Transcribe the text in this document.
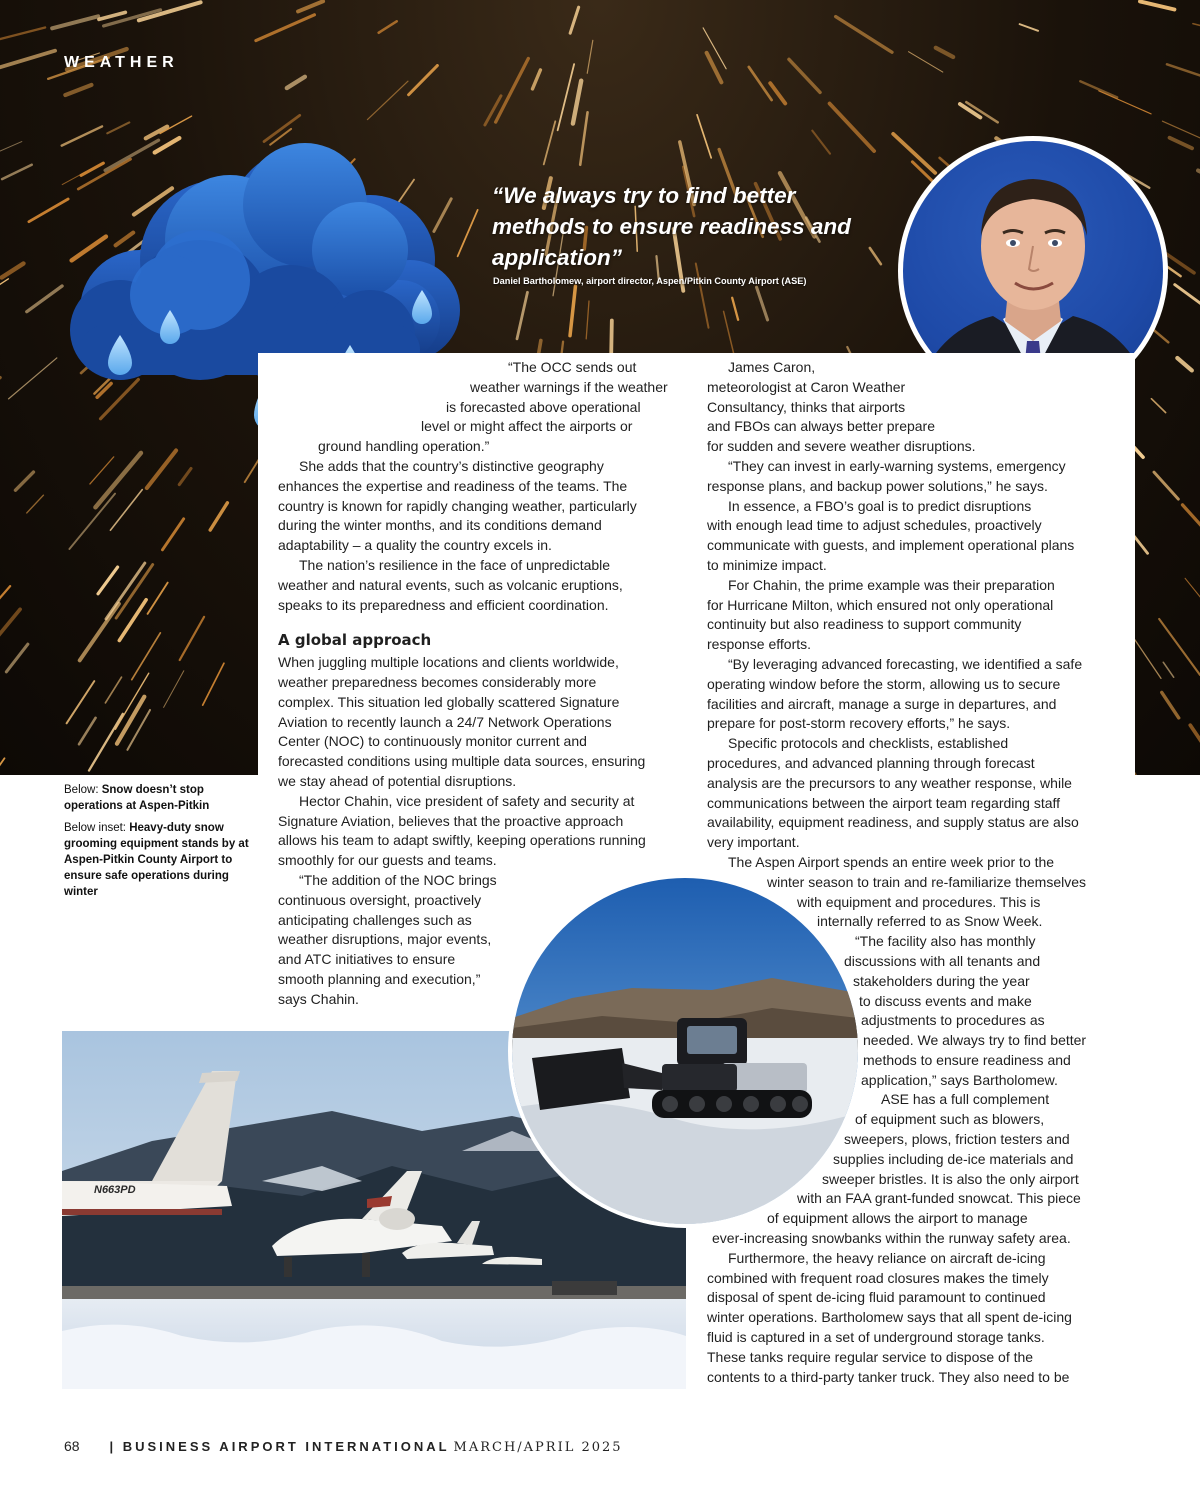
WEATHER
“We always try to find better methods to ensure readiness and application”
Daniel Bartholomew, airport director, Aspen/Pitkin County Airport (ASE)

“The OCC sends out

weather warnings if the weather

is forecasted above operational

level or might affect the airports or

ground handling operation.”

She adds that the country’s distinctive geography

enhances the expertise and readiness of the teams. The

country is known for rapidly changing weather, particularly

during the winter months, and its conditions demand

adaptability – a quality the country excels in.

The nation’s resilience in the face of unpredictable

weather and natural events, such as volcanic eruptions,

speaks to its preparedness and efficient coordination.

A global approach

When juggling multiple locations and clients worldwide,

weather preparedness becomes considerably more

complex. This situation led globally scattered Signature

Aviation to recently launch a 24/7 Network Operations

Center (NOC) to continuously monitor current and

forecasted conditions using multiple data sources, ensuring

we stay ahead of potential disruptions.

Hector Chahin, vice president of safety and security at

Signature Aviation, believes that the proactive approach

allows his team to adapt swiftly, keeping operations running

smoothly for our guests and teams.

“The addition of the NOC brings

continuous oversight, proactively

anticipating challenges such as

weather disruptions, major events,

and ATC initiatives to ensure

smooth planning and execution,”

says Chahin.

James Caron,

meteorologist at Caron Weather

Consultancy, thinks that airports

and FBOs can always better prepare

for sudden and severe weather disruptions.

“They can invest in early-warning systems, emergency

response plans, and backup power solutions,” he says.

In essence, a FBO’s goal is to predict disruptions

with enough lead time to adjust schedules, proactively

communicate with guests, and implement operational plans

to minimize impact.

For Chahin, the prime example was their preparation

for Hurricane Milton, which ensured not only operational

continuity but also readiness to support community

response efforts.

“By leveraging advanced forecasting, we identified a safe

operating window before the storm, allowing us to secure

facilities and aircraft, manage a surge in departures, and

prepare for post-storm recovery efforts,” he says.

Specific protocols and checklists, established

procedures, and advanced planning through forecast

analysis are the precursors to any weather response, while

communications between the airport team regarding staff

availability, equipment readiness, and supply status are also

very important.

The Aspen Airport spends an entire week prior to the

winter season to train and re-familiarize themselves

with equipment and procedures. This is

internally referred to as Snow Week.

“The facility also has monthly

discussions with all tenants and

stakeholders during the year

to discuss events and make

adjustments to procedures as

needed. We always try to find better

methods to ensure readiness and

application,” says Bartholomew.

ASE has a full complement

of equipment such as blowers,

sweepers, plows, friction testers and

supplies including de-ice materials and

sweeper bristles. It is also the only airport

with an FAA grant-funded snowcat. This piece

of equipment allows the airport to manage

ever-increasing snowbanks within the runway safety area.

Furthermore, the heavy reliance on aircraft de-icing

combined with frequent road closures makes the timely

disposal of spent de-icing fluid paramount to continued

winter operations. Bartholomew says that all spent de-icing

fluid is captured in a set of underground storage tanks.

These tanks require regular service to dispose of the

contents to a third-party tanker truck. They also need to be

Below: Snow doesn’t stop operations at Aspen-Pitkin

Below inset: Heavy-duty snow grooming equipment stands by at Aspen-Pitkin County Airport to ensure safe operations during winter

N663PD
68 | BUSINESS AIRPORT INTERNATIONAL MARCH/APRIL 2025
